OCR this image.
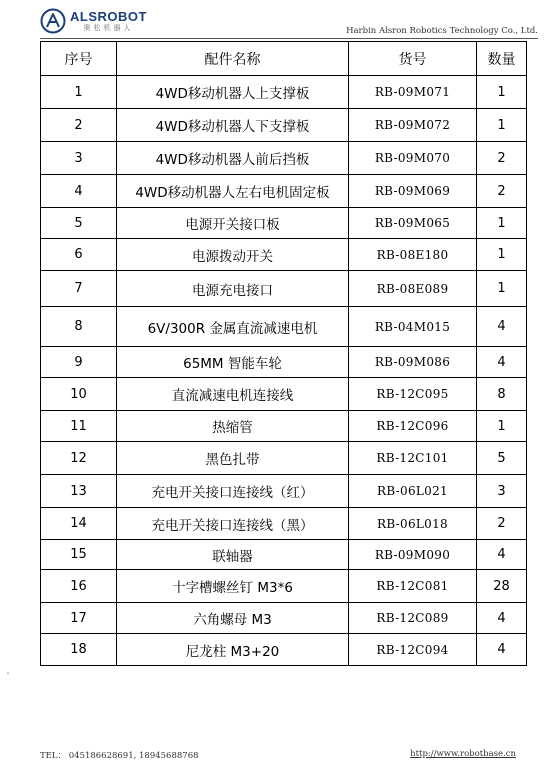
ALSROBOT
奥松机器人	Harbin Alsron Robotics Technology Co., Ltd.
序号	配件名称	货号	数量
1	4WD移动机器人上支撑板	RB-09M071	1
2	4WD移动机器人下支撑板	RB-09M072	1
3	4WD移动机器人前后挡板	RB-09M070	2
4	4WD移动机器人左右电机固定板	RB-09M069	2
5	电源开关接口板	RB-09M065	1
6	电源拨动开关	RB-08E180	1
7	电源充电接口	RB-08E089	1
8	6V/300R 金属直流减速电机	RB-04M015	4
9	65MM 智能车轮	RB-09M086	4
10	直流减速电机连接线	RB-12C095	8
11	热缩管	RB-12C096	1
12	黑色扎带	RB-12C101	5
13	充电开关接口连接线（红）	RB-06L021	3
14	充电开关接口连接线（黑）	RB-06L018	2
15	联轴器	RB-09M090	4
16	十字槽螺丝钉 M3*6	RB-12C081	28
17	六角螺母 M3	RB-12C089	4
18	尼龙柱 M3+20	RB-12C094	4
ˇ
TEL： 045186628691, 18945688768	http://www.robotbase.cn
